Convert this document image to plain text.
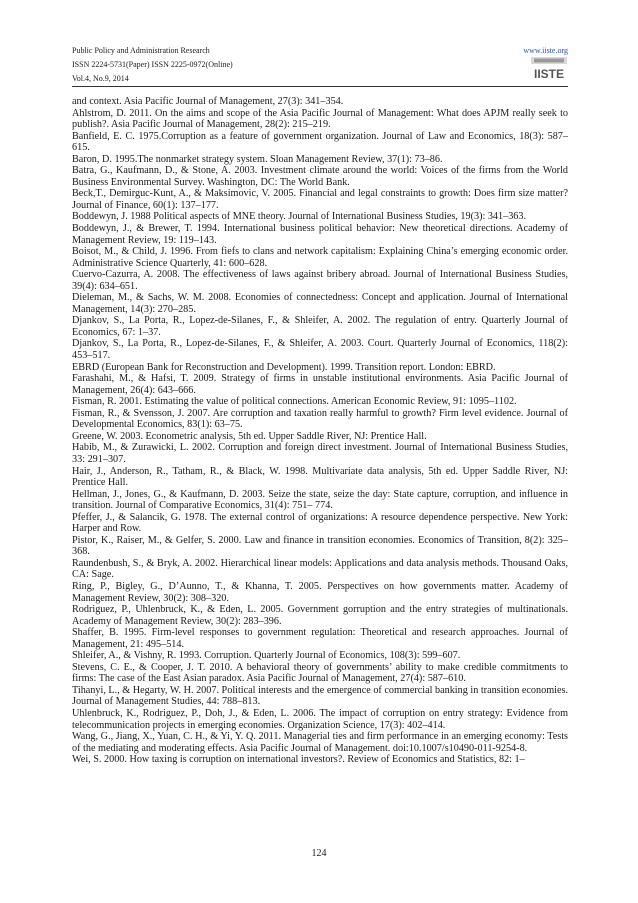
Public Policy and Administration Research
ISSN 2224-5731(Paper) ISSN 2225-0972(Online)
Vol.4, No.9, 2014
www.iiste.org
IISTE

and context. Asia Pacific Journal of Management, 27(3): 341–354.

Ahlstrom, D. 2011. On the aims and scope of the Asia Pacific Journal of Management: What does APJM really seek to publish?. Asia Pacific Journal of Management, 28(2): 215–219.

Banfield, E. C. 1975.Corruption as a feature of government organization. Journal of Law and Economics, 18(3): 587–615.

Baron, D. 1995.The nonmarket strategy system. Sloan Management Review, 37(1): 73–86.

Batra, G., Kaufmann, D., & Stone, A. 2003. Investment climate around the world: Voices of the firms from the World Business Environmental Survey. Washington, DC: The World Bank.

Beck,T., Demirguc-Kunt, A., & Maksimovic, V. 2005. Financial and legal constraints to growth: Does firm size matter? Journal of Finance, 60(1): 137–177.

Boddewyn, J. 1988 Political aspects of MNE theory. Journal of International Business Studies, 19(3): 341–363.

Boddewyn, J., & Brewer, T. 1994. International business political behavior: New theoretical directions. Academy of Management Review, 19: 119–143.

Boisot, M., & Child, J. 1996. From fiefs to clans and network capitalism: Explaining China’s emerging economic order. Administrative Science Quarterly, 41: 600–628.

Cuervo-Cazurra, A. 2008. The effectiveness of laws against bribery abroad. Journal of International Business Studies, 39(4): 634–651.

Dieleman, M., & Sachs, W. M. 2008. Economies of connectedness: Concept and application. Journal of International Management, 14(3): 270–285.

Djankov, S., La Porta, R., Lopez-de-Silanes, F., & Shleifer, A. 2002. The regulation of entry. Quarterly Journal of Economics, 67: 1–37.

Djankov, S., La Porta, R., Lopez-de-Silanes, F., & Shleifer, A. 2003. Court. Quarterly Journal of Economics, 118(2): 453–517.

EBRD (European Bank for Reconstruction and Development). 1999. Transition report. London: EBRD.

Farashahi, M., & Hafsi, T. 2009. Strategy of firms in unstable institutional environments. Asia Pacific Journal of Management, 26(4): 643–666.

Fisman, R. 2001. Estimating the value of political connections. American Economic Review, 91: 1095–1102.

Fisman, R., & Svensson, J. 2007. Are corruption and taxation really harmful to growth? Firm level evidence. Journal of Developmental Economics, 83(1): 63–75.

Greene, W. 2003. Econometric analysis, 5th ed. Upper Saddle River, NJ: Prentice Hall.

Habib, M., & Zurawicki, L. 2002. Corruption and foreign direct investment. Journal of International Business Studies, 33: 291–307.

Hair, J., Anderson, R., Tatham, R., & Black, W. 1998. Multivariate data analysis, 5th ed. Upper Saddle River, NJ: Prentice Hall.

Hellman, J., Jones, G., & Kaufmann, D. 2003. Seize the state, seize the day: State capture, corruption, and influence in transition. Journal of Comparative Economics, 31(4): 751– 774.

Pfeffer, J., & Salancik, G. 1978. The external control of organizations: A resource dependence perspective. New York: Harper and Row.

Pistor, K., Raiser, M., & Gelfer, S. 2000. Law and finance in transition economies. Economics of Transition, 8(2): 325–368.

Raundenbush, S., & Bryk, A. 2002. Hierarchical linear models: Applications and data analysis methods. Thousand Oaks, CA: Sage.

Ring, P., Bigley, G., D’Aunno, T., & Khanna, T. 2005. Perspectives on how governments matter. Academy of Management Review, 30(2): 308–320.

Rodriguez, P., Uhlenbruck, K., & Eden, L. 2005. Government gorruption and the entry strategies of multinationals. Academy of Management Review, 30(2): 283–396.

Shaffer, B. 1995. Firm-level responses to government regulation: Theoretical and research approaches. Journal of Management, 21: 495–514.

Shleifer, A., & Vishny, R. 1993. Corruption. Quarterly Journal of Economics, 108(3): 599–607.

Stevens, C. E., & Cooper, J. T. 2010. A behavioral theory of governments’ ability to make credible commitments to firms: The case of the East Asian paradox. Asia Pacific Journal of Management, 27(4): 587–610.

Tihanyi, L., & Hegarty, W. H. 2007. Political interests and the emergence of commercial banking in transition economies. Journal of Management Studies, 44: 788–813.

Uhlenbruck, K., Rodriguez, P., Doh, J., & Eden, L. 2006. The impact of corruption on entry strategy: Evidence from telecommunication projects in emerging economies. Organization Science, 17(3): 402–414.

Wang, G., Jiang, X., Yuan, C. H., & Yi, Y. Q. 2011. Managerial ties and firm performance in an emerging economy: Tests of the mediating and moderating effects. Asia Pacific Journal of Management. doi:10.1007/s10490-011-9254-8.

Wei, S. 2000. How taxing is corruption on international investors?. Review of Economics and Statistics, 82: 1–

124
